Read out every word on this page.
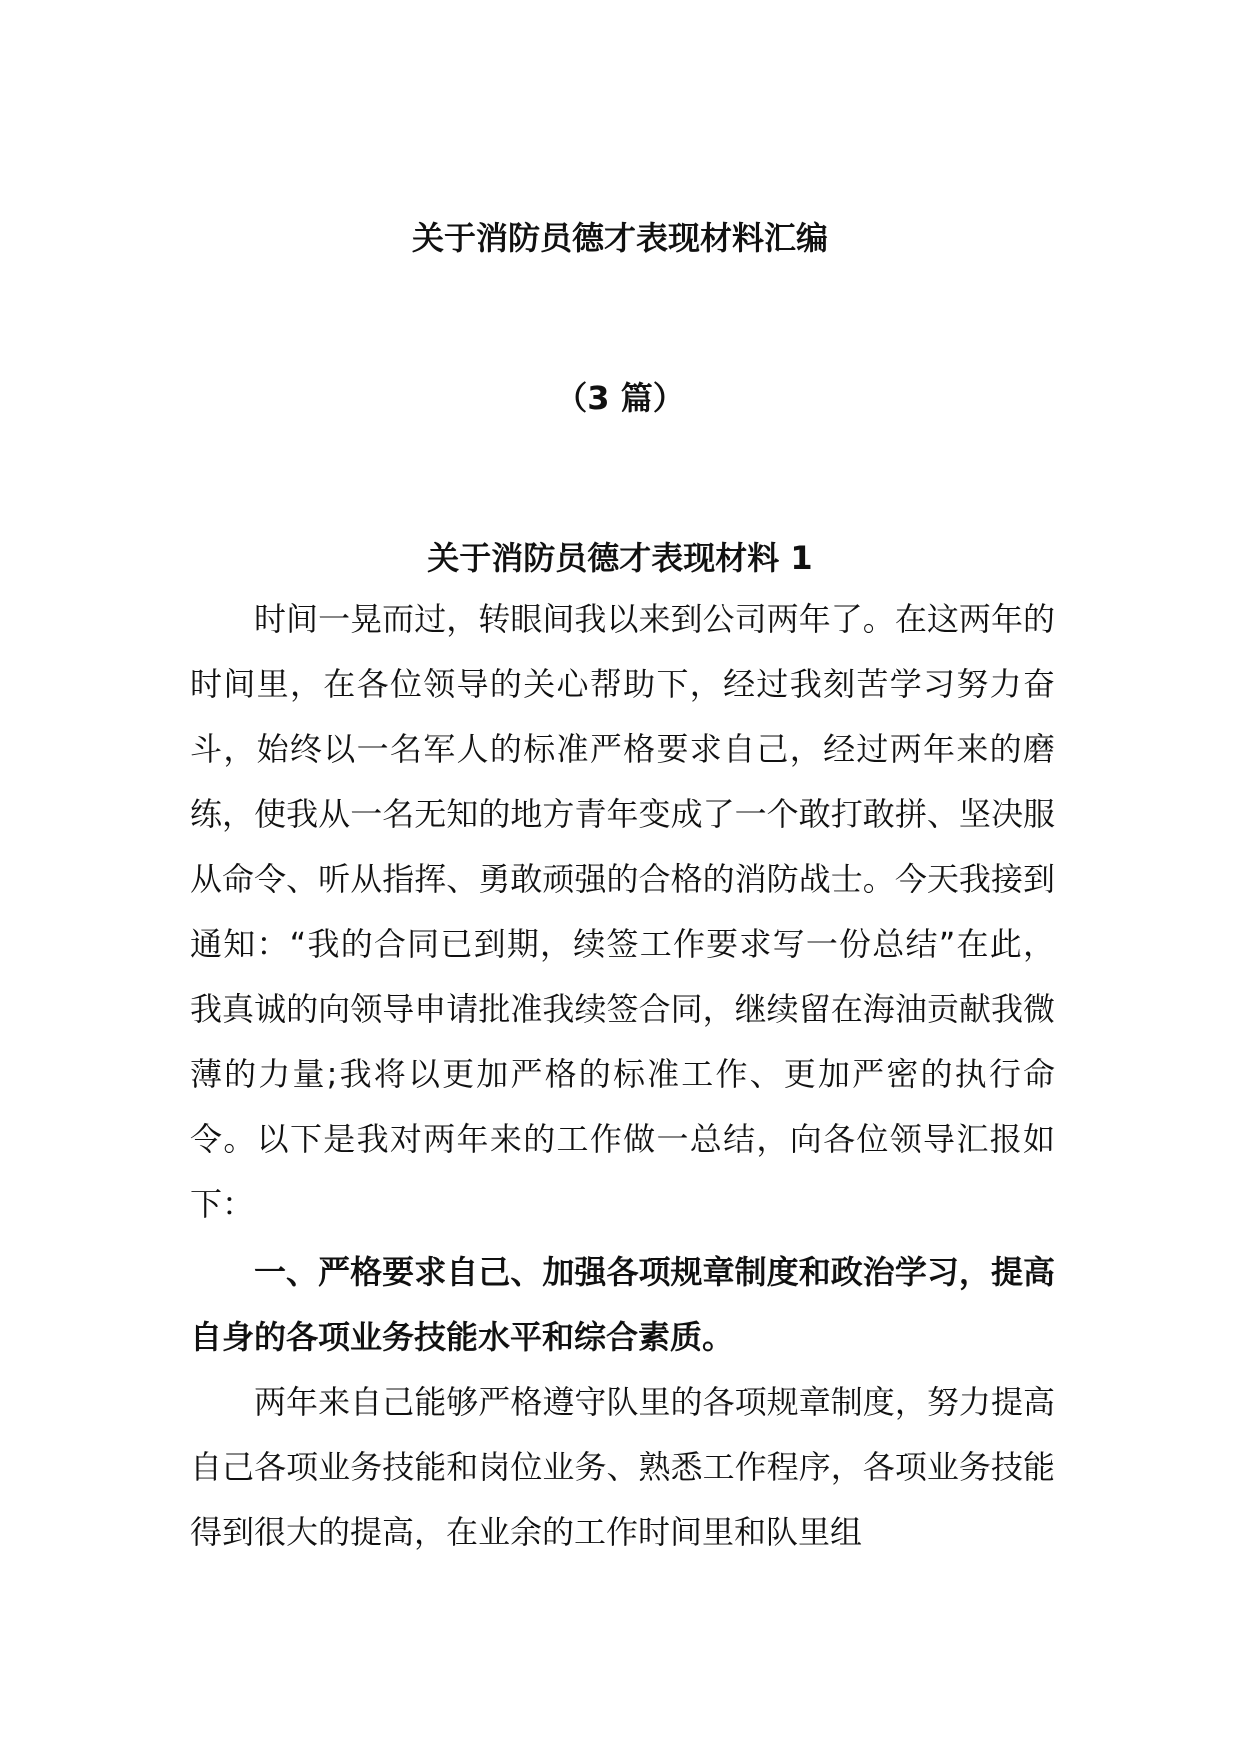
关于消防员德才表现材料汇编
（3 篇）
关于消防员德才表现材料 1

时间一晃而过，转眼间我以来到公司两年了。在这两年的时间里，在各位领导的关心帮助下，经过我刻苦学习努力奋斗，始终以一名军人的标准严格要求自己，经过两年来的磨练，使我从一名无知的地方青年变成了一个敢打敢拼、坚决服从命令、听从指挥、勇敢顽强的合格的消防战士。今天我接到通知：“我的合同已到期，续签工作要求写一份总结”在此，我真诚的向领导申请批准我续签合同，继续留在海油贡献我微薄的力量;我将以更加严格的标准工作、更加严密的执行命令。以下是我对两年来的工作做一总结，向各位领导汇报如下：

一、严格要求自己、加强各项规章制度和政治学习，提高自身的各项业务技能水平和综合素质。

两年来自己能够严格遵守队里的各项规章制度，努力提高自己各项业务技能和岗位业务、熟悉工作程序，各项业务技能得到很大的提高，在业余的工作时间里和队里组
